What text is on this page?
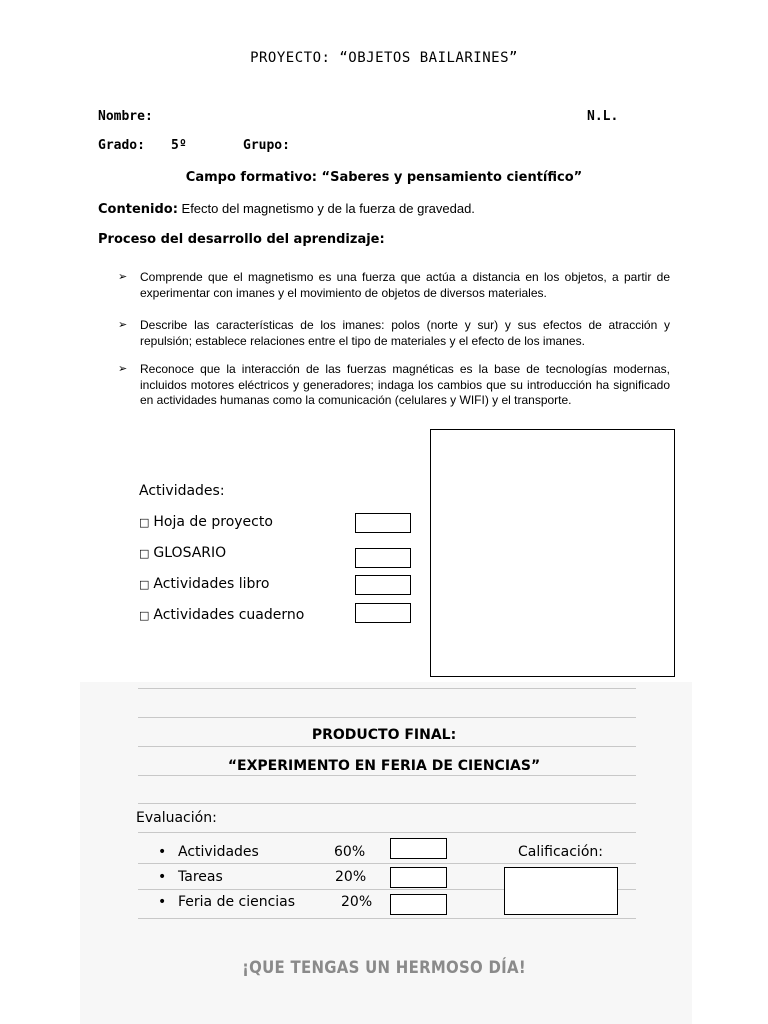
PROYECTO: “OBJETOS BAILARINES”
Nombre:	N.L.
Grado: 5º	Grupo:
Campo formativo: “Saberes y pensamiento científico”
Contenido: Efecto del magnetismo y de la fuerza de gravedad.
Proceso del desarrollo del aprendizaje:
➢ Comprende que el magnetismo es una fuerza que actúa a distancia en los objetos, a partir de experimentar con imanes y el movimiento de objetos de diversos materiales.
➢ Describe las características de los imanes: polos (norte y sur) y sus efectos de atracción y repulsión; establece relaciones entre el tipo de materiales y el efecto de los imanes.
➢ Reconoce que la interacción de las fuerzas magnéticas es la base de tecnologías modernas, incluidos motores eléctricos y generadores; indaga los cambios que su introducción ha significado en actividades humanas como la comunicación (celulares y WIFI) y el transporte.
Actividades:
□ Hoja de proyecto
□ GLOSARIO
□ Actividades libro
□ Actividades cuaderno
PRODUCTO FINAL:
“EXPERIMENTO EN FERIA DE CIENCIAS”
Evaluación:
• Actividades	60%
• Tareas	20%
• Feria de ciencias	20%
Calificación:
¡QUE TENGAS UN HERMOSO DÍA!
